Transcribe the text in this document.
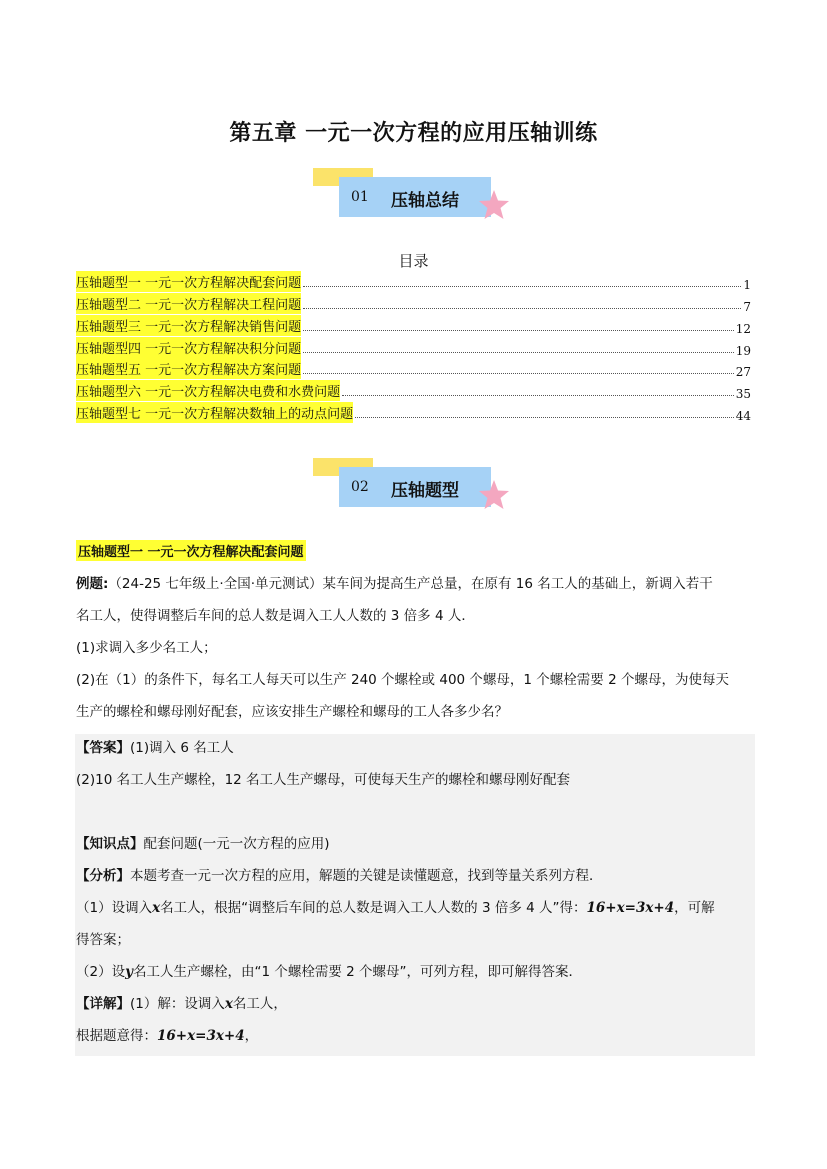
第五章 一元一次方程的应用压轴训练
01 压轴总结
目录
压轴题型一 一元一次方程解决配套问题	1
压轴题型二 一元一次方程解决工程问题	7
压轴题型三 一元一次方程解决销售问题	12
压轴题型四 一元一次方程解决积分问题	19
压轴题型五 一元一次方程解决方案问题	27
压轴题型六 一元一次方程解决电费和水费问题	35
压轴题型七 一元一次方程解决数轴上的动点问题	44
02 压轴题型
压轴题型一 一元一次方程解决配套问题
例题:（24-25 七年级上·全国·单元测试）某车间为提高生产总量，在原有 16 名工人的基础上，新调入若干
名工人，使得调整后车间的总人数是调入工人人数的 3 倍多 4 人．
(1)求调入多少名工人；
(2)在（1）的条件下，每名工人每天可以生产 240 个螺栓或 400 个螺母，1 个螺栓需要 2 个螺母，为使每天
生产的螺栓和螺母刚好配套，应该安排生产螺栓和螺母的工人各多少名？
【答案】(1)调入 6 名工人
(2)10 名工人生产螺栓，12 名工人生产螺母，可使每天生产的螺栓和螺母刚好配套
【知识点】配套问题(一元一次方程的应用)
【分析】本题考查一元一次方程的应用，解题的关键是读懂题意，找到等量关系列方程．
（1）设调入x名工人，根据“调整后车间的总人数是调入工人人数的 3 倍多 4 人”得：16+x=3x+4，可解
得答案；
（2）设y名工人生产螺栓，由“1 个螺栓需要 2 个螺母”，可列方程，即可解得答案．
【详解】(1）解：设调入x名工人，
根据题意得：16+x=3x+4，
